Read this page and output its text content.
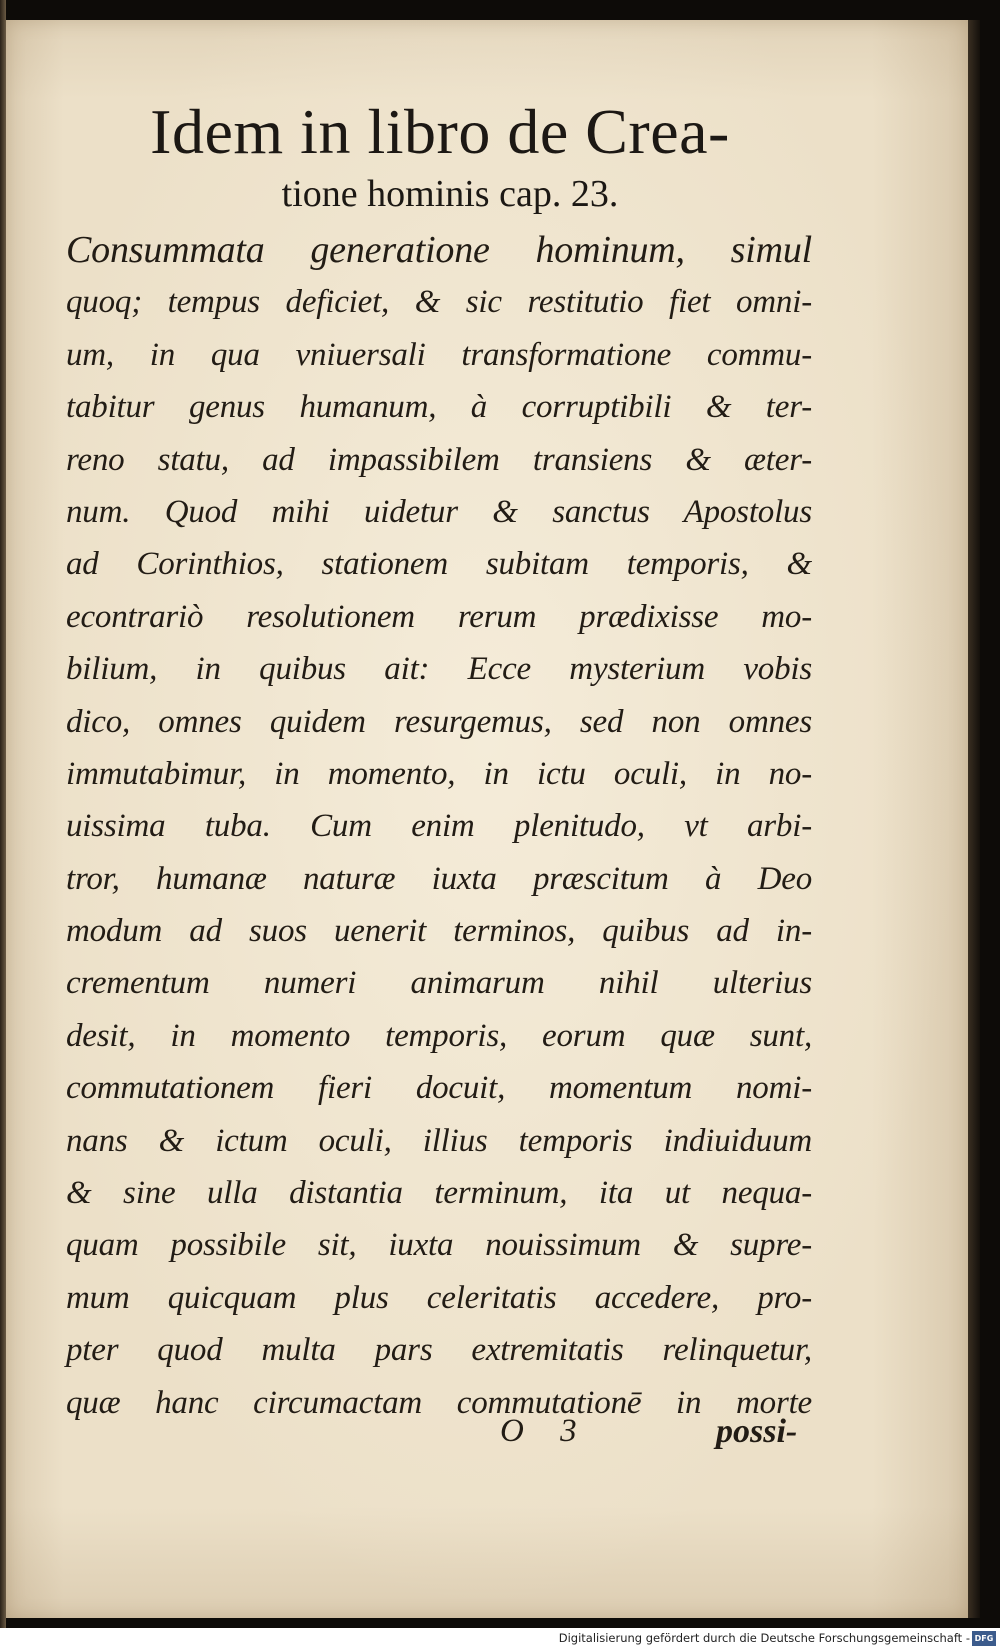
Idem in libro de Crea-
tione hominis cap. 23.
Consummata generatione hominum, simul
quoq; tempus deficiet, & sic restitutio fiet omni-
um, in qua vniuersali transformatione commu-
tabitur genus humanum, à corruptibili & ter-
reno statu, ad impassibilem transiens & æter-
num. Quod mihi uidetur & sanctus Apostolus
ad Corinthios, stationem subitam temporis, &
econtrariò resolutionem rerum prædixisse mo-
bilium, in quibus ait: Ecce mysterium vobis
dico, omnes quidem resurgemus, sed non omnes
immutabimur, in momento, in ictu oculi, in no-
uissima tuba. Cum enim plenitudo, vt arbi-
tror, humanæ naturæ iuxta præscitum à Deo
modum ad suos uenerit terminos, quibus ad in-
crementum numeri animarum nihil ulterius
desit, in momento temporis, eorum quæ sunt,
commutationem fieri docuit, momentum nomi-
nans & ictum oculi, illius temporis indiuiduum
& sine ulla distantia terminum, ita ut nequa-
quam possibile sit, iuxta nouissimum & supre-
mum quicquam plus celeritatis accedere, pro-
pter quod multa pars extremitatis relinquetur,
quæ hanc circumactam commutationē in morte
O 3	possi-
Digitalisierung gefördert durch die Deutsche Forschungsgemeinschaft - DFG
